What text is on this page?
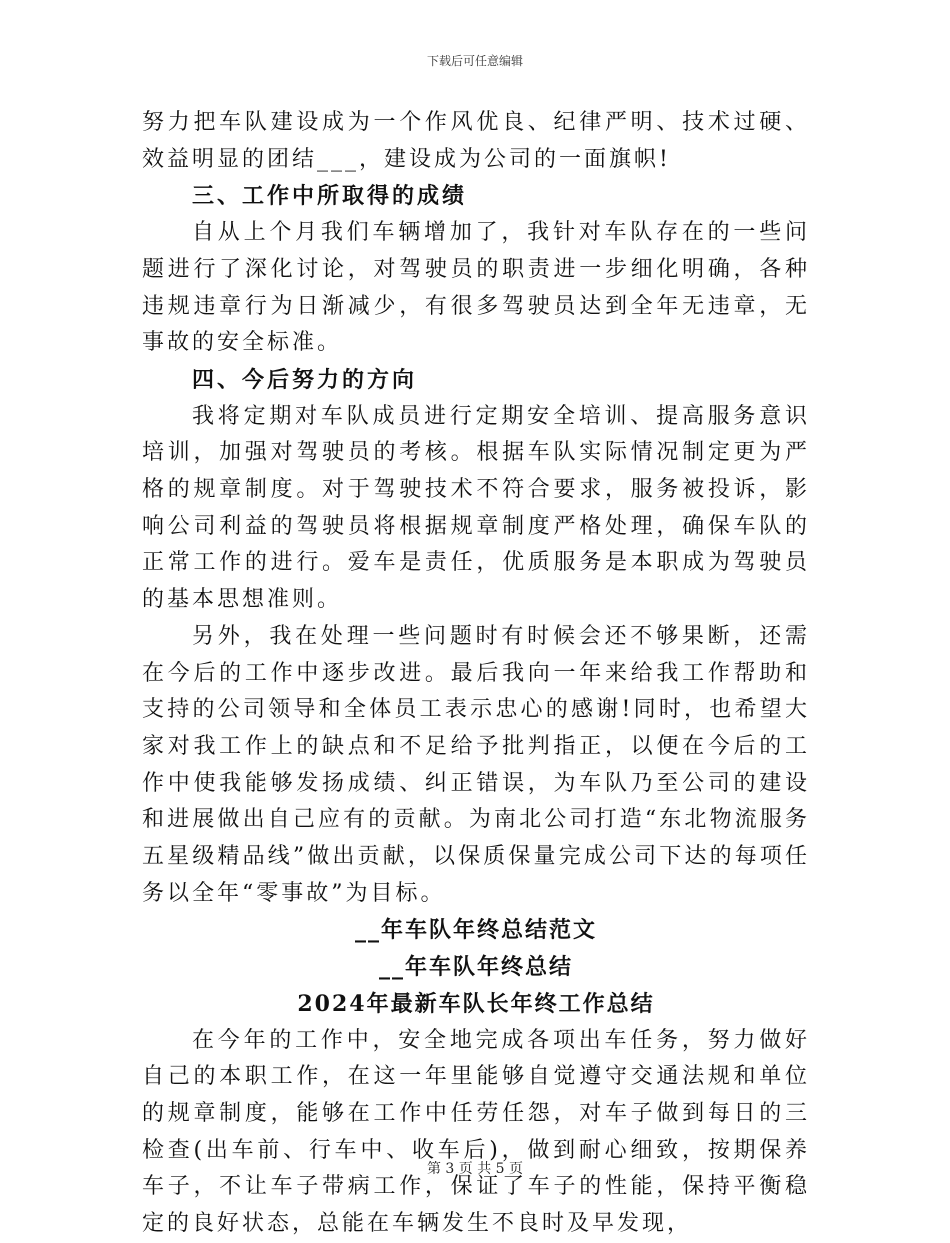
下载后可任意编辑

努力把车队建设成为一个作风优良、纪律严明、技术过硬、效益明显的团结___，建设成为公司的一面旗帜!

三、工作中所取得的成绩

自从上个月我们车辆增加了，我针对车队存在的一些问题进行了深化讨论，对驾驶员的职责进一步细化明确，各种违规违章行为日渐减少，有很多驾驶员达到全年无违章，无事故的安全标准。

四、今后努力的方向

我将定期对车队成员进行定期安全培训、提高服务意识培训，加强对驾驶员的考核。根据车队实际情况制定更为严格的规章制度。对于驾驶技术不符合要求，服务被投诉，影响公司利益的驾驶员将根据规章制度严格处理，确保车队的正常工作的进行。爱车是责任，优质服务是本职成为驾驶员的基本思想准则。

另外，我在处理一些问题时有时候会还不够果断，还需在今后的工作中逐步改进。最后我向一年来给我工作帮助和支持的公司领导和全体员工表示忠心的感谢!同时，也希望大家对我工作上的缺点和不足给予批判指正，以便在今后的工作中使我能够发扬成绩、纠正错误，为车队乃至公司的建设和进展做出自己应有的贡献。为南北公司打造“东北物流服务五星级精品线”做出贡献，以保质保量完成公司下达的每项任务以全年“零事故”为目标。

__年车队年终总结范文

__年车队年终总结

2024年最新车队长年终工作总结

在今年的工作中，安全地完成各项出车任务，努力做好自己的本职工作，在这一年里能够自觉遵守交通法规和单位的规章制度，能够在工作中任劳任怨，对车子做到每日的三检查(出车前、行车中、收车后)，做到耐心细致，按期保养车子，不让车子带病工作，保证了车子的性能，保持平衡稳定的良好状态，总能在车辆发生不良时及早发现，

第 3 页 共 5 页
